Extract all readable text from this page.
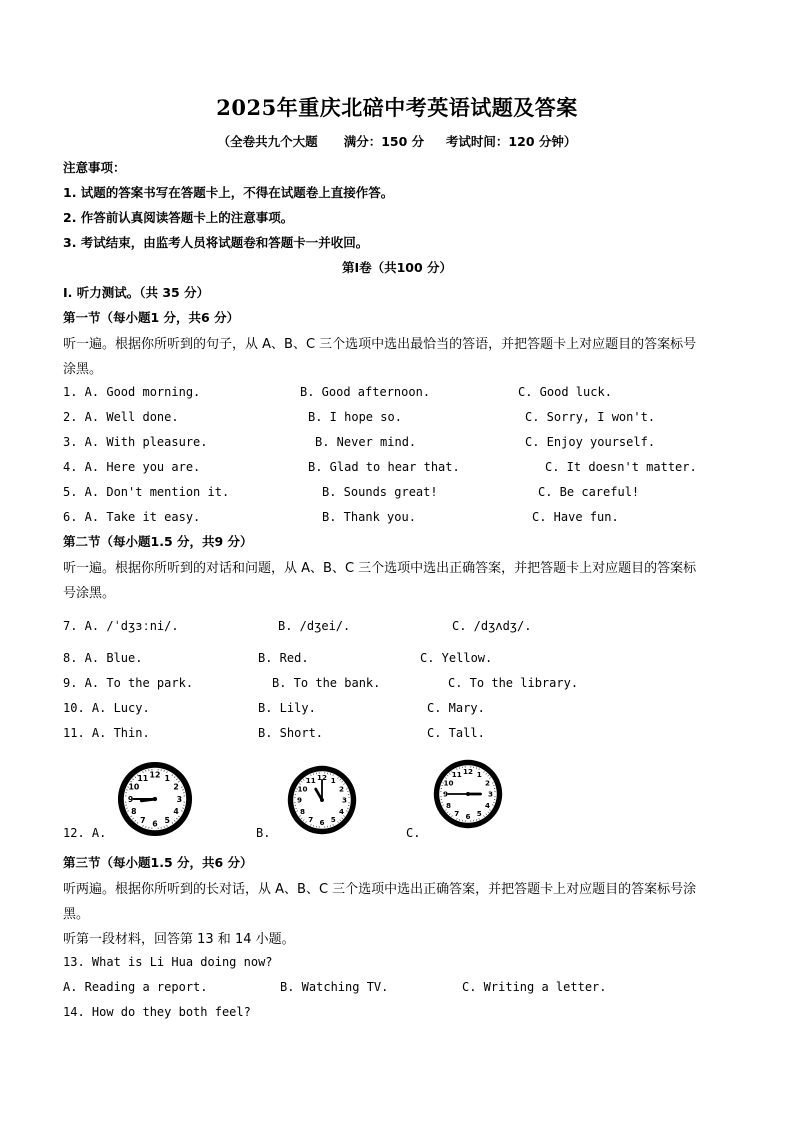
2025年重庆北碚中考英语试题及答案
（全卷共九个大题      满分：150 分     考试时间：120 分钟）
注意事项：
1. 试题的答案书写在答题卡上，不得在试题卷上直接作答。
2. 作答前认真阅读答题卡上的注意事项。
3. 考试结束，由监考人员将试题卷和答题卡一并收回。
第Ⅰ卷（共100 分）
I. 听力测试。（共 35 分）
第一节（每小题1 分，共6 分）
听一遍。根据你所听到的句子，从 A、B、C 三个选项中选出最恰当的答语，并把答题卡上对应题目的答案标号
涂黑。
1. A. Good morning.	B. Good afternoon.	C. Good luck.
2. A. Well done.	B. I hope so.	C. Sorry, I won't.
3. A. With pleasure.	B. Never mind.	C. Enjoy yourself.
4. A. Here you are.	B. Glad to hear that.	C. It doesn't matter.
5. A. Don't mention it.	B. Sounds great!	C. Be careful!
6. A. Take it easy.	B. Thank you.	C. Have fun.
第二节（每小题1.5 分，共9 分）
听一遍。根据你所听到的对话和问题，从 A、B、C 三个选项中选出正确答案，并把答题卡上对应题目的答案标
号涂黑。
7. A. /ˈdʒɜːni/.	B. /dʒei/.	C. /dʒʌdʒ/.
8. A. Blue.	B. Red.	C. Yellow.
9. A. To the park.	B. To the bank.	C. To the library.
10. A. Lucy.	B. Lily.	C. Mary.
11. A. Thin.	B. Short.	C. Tall.
1
2
3
4
5
6
7
8
9
10
11 12
1
2
3
4
5
6
7
8
9
10
11 12	1
2
3
4
5
6
7
8
9
10
11 12
12. A.	B.	C.
第三节（每小题1.5 分，共6 分）
听两遍。根据你所听到的长对话，从 A、B、C 三个选项中选出正确答案，并把答题卡上对应题目的答案标号涂
黑。
听第一段材料，回答第 13 和 14 小题。
13. What is Li Hua doing now?
A. Reading a report.	B. Watching TV.	C. Writing a letter.
14. How do they both feel?
